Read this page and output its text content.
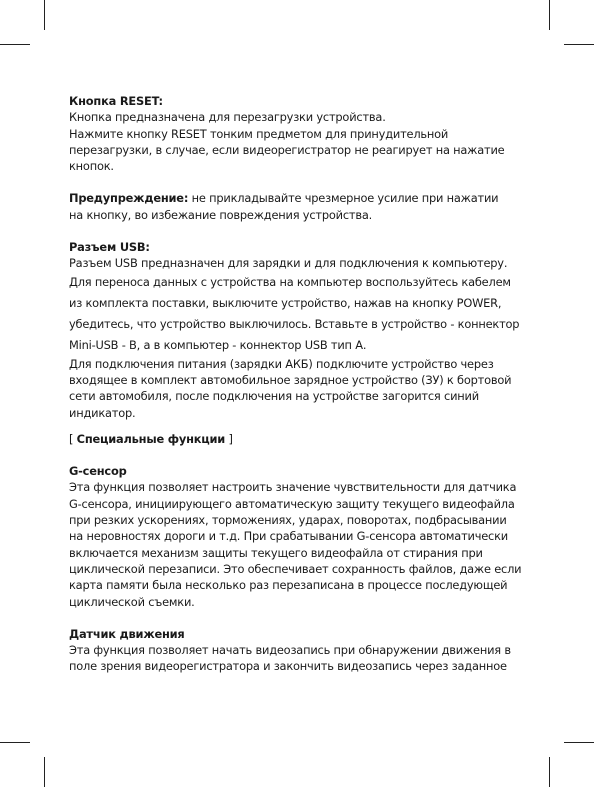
Кнопка RESET:

Кнопка предназначена для перезагрузки устройства.

Нажмите кнопку RESET тонким предметом для принудительной

перезагрузки, в случае, если видеорегистратор не реагирует на нажатие

кнопок.

Предупреждение: не прикладывайте чрезмерное усилие при нажатии

на кнопку, во избежание повреждения устройства.

Разъем USB:

Разъем USB предназначен для зарядки и для подключения к компьютеру.

Для переноса данных с устройства на компьютер воспользуйтесь кабелем

из комплекта поставки, выключите устройство, нажав на кнопку POWER,

убедитесь, что устройство выключилось. Вставьте в устройство - коннектор

Mini-USB - B, а в компьютер - коннектор USB тип А.

Для подключения питания (зарядки АКБ) подключите устройство через

входящее в комплект автомобильное зарядное устройство (ЗУ) к бортовой

сети автомобиля, после подключения на устройстве загорится синий

индикатор.

[ Специальные функции ]

G-сенсор

Эта функция позволяет настроить значение чувствительности для датчика

G-сенсора, инициирующего автоматическую защиту текущего видеофайла

при резких ускорениях, торможениях, ударах, поворотах, подбрасывании

на неровностях дороги и т.д. При срабатывании G-сенсора автоматически

включается механизм защиты текущего видеофайла от стирания при

циклической перезаписи. Это обеспечивает сохранность файлов, даже если

карта памяти была несколько раз перезаписана в процессе последующей

циклической съемки.

Датчик движения

Эта функция позволяет начать видеозапись при обнаружении движения в

поле зрения видеорегистратора и закончить видеозапись через заданное
